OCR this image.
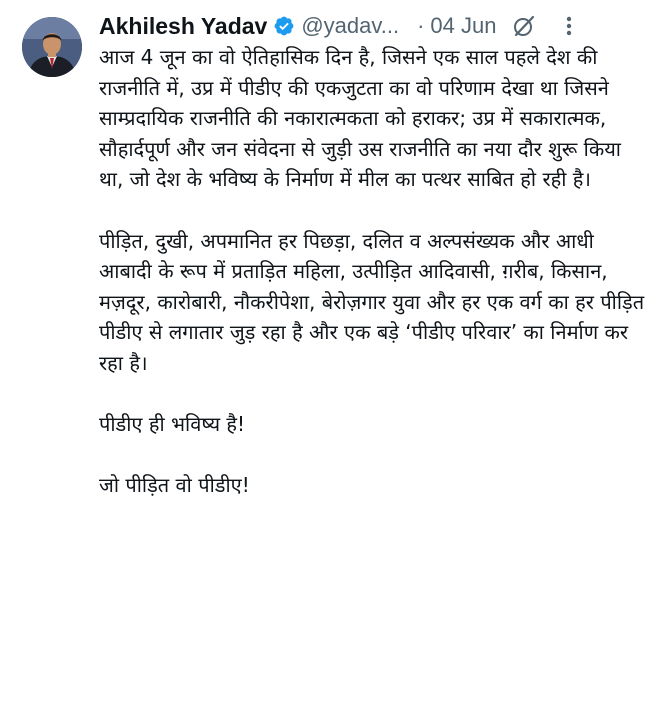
Akhilesh Yadav @yadav... · 04 Jun

आज 4 जून का वो ऐतिहासिक दिन है, जिसने एक साल पहले देश की राजनीति में, उप्र में पीडीए की एकजुटता का वो परिणाम देखा था जिसने साम्प्रदायिक राजनीति की नकारात्मकता को हराकर; उप्र में सकारात्मक, सौहार्दपूर्ण और जन संवेदना से जुड़ी उस राजनीति का नया दौर शुरू किया था, जो देश के भविष्य के निर्माण में मील का पत्थर साबित हो रही है।

पीड़ित, दुखी, अपमानित हर पिछड़ा, दलित व अल्पसंख्यक और आधी आबादी के रूप में प्रताड़ित महिला, उत्पीड़ित आदिवासी, ग़रीब, किसान, मज़दूर, कारोबारी, नौकरीपेशा, बेरोज़गार युवा और हर एक वर्ग का हर पीड़ित पीडीए से लगातार जुड़ रहा है और एक बड़े ‘पीडीए परिवार’ का निर्माण कर रहा है।

पीडीए ही भविष्य है!

जो पीड़ित वो पीडीए!
